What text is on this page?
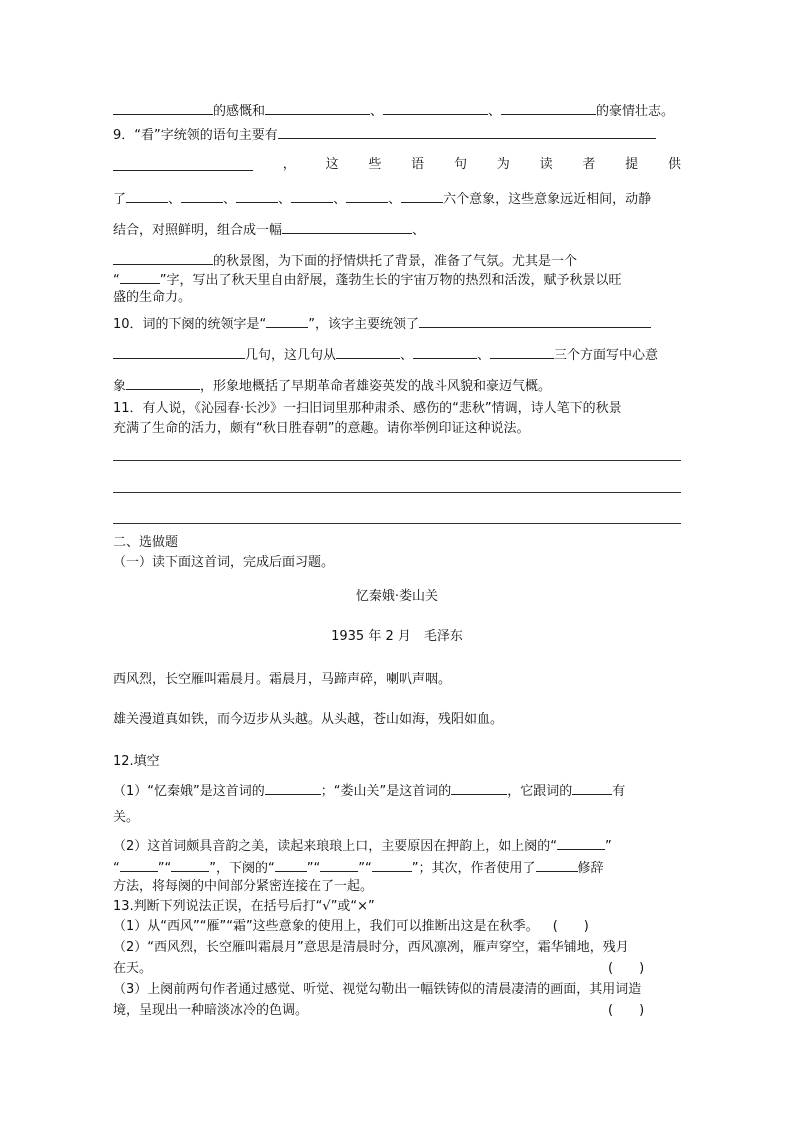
的感慨和	、	、	的豪情壮志。
9．“看”字统领的语句主要有
， 这 些 语 句 为 读 者 提 供
了	、	、	、	、	、	六个意象，这些意象远近相间，动静
结合，对照鲜明，组合成一幅	、
的秋景图，为下面的抒情烘托了背景，准备了气氛。尤其是一个
“	”字，写出了秋天里自由舒展，蓬勃生长的宇宙万物的热烈和活泼，赋予秋景以旺
盛的生命力。
10．词的下阕的统领字是“	”，该字主要统领了
几句，这几句从	、	、	三个方面写中心意
象	，形象地概括了早期革命者雄姿英发的战斗风貌和豪迈气概。
11．有人说，《沁园春·长沙》一扫旧词里那种肃杀、感伤的“悲秋”情调，诗人笔下的秋景
充满了生命的活力，颇有“秋日胜春朝”的意趣。请你举例印证这种说法。
二、选做题
（一）读下面这首词，完成后面习题。
忆秦娥·娄山关
1935 年 2 月　毛泽东
西风烈，长空雁叫霜晨月。霜晨月，马蹄声碎，喇叭声咽。
雄关漫道真如铁，而今迈步从头越。从头越，苍山如海，残阳如血。
12.填空
（1）“忆秦娥”是这首词的	；“娄山关”是这首词的	，它跟词的	有
关。
（2）这首词颇具音韵之美，读起来琅琅上口，主要原因在押韵上，如上阕的“	”
“	”“	”，下阕的“ ”“	”“	”；其次，作者使用了	修辞
方法，将每阕的中间部分紧密连接在了一起。
13.判断下列说法正误，在括号后打“√”或“×”
（1）从“西风”“雁”“霜”这些意象的使用上，我们可以推断出这是在秋季。 (　　)
（2）“西风烈，长空雁叫霜晨月”意思是清晨时分，西风凛冽，雁声穿空，霜华铺地，残月
在天。	(　　)
（3）上阕前两句作者通过感觉、听觉、视觉勾勒出一幅铁铸似的清晨凄清的画面，其用词造
境，呈现出一种暗淡冰冷的色调。	(　　)
